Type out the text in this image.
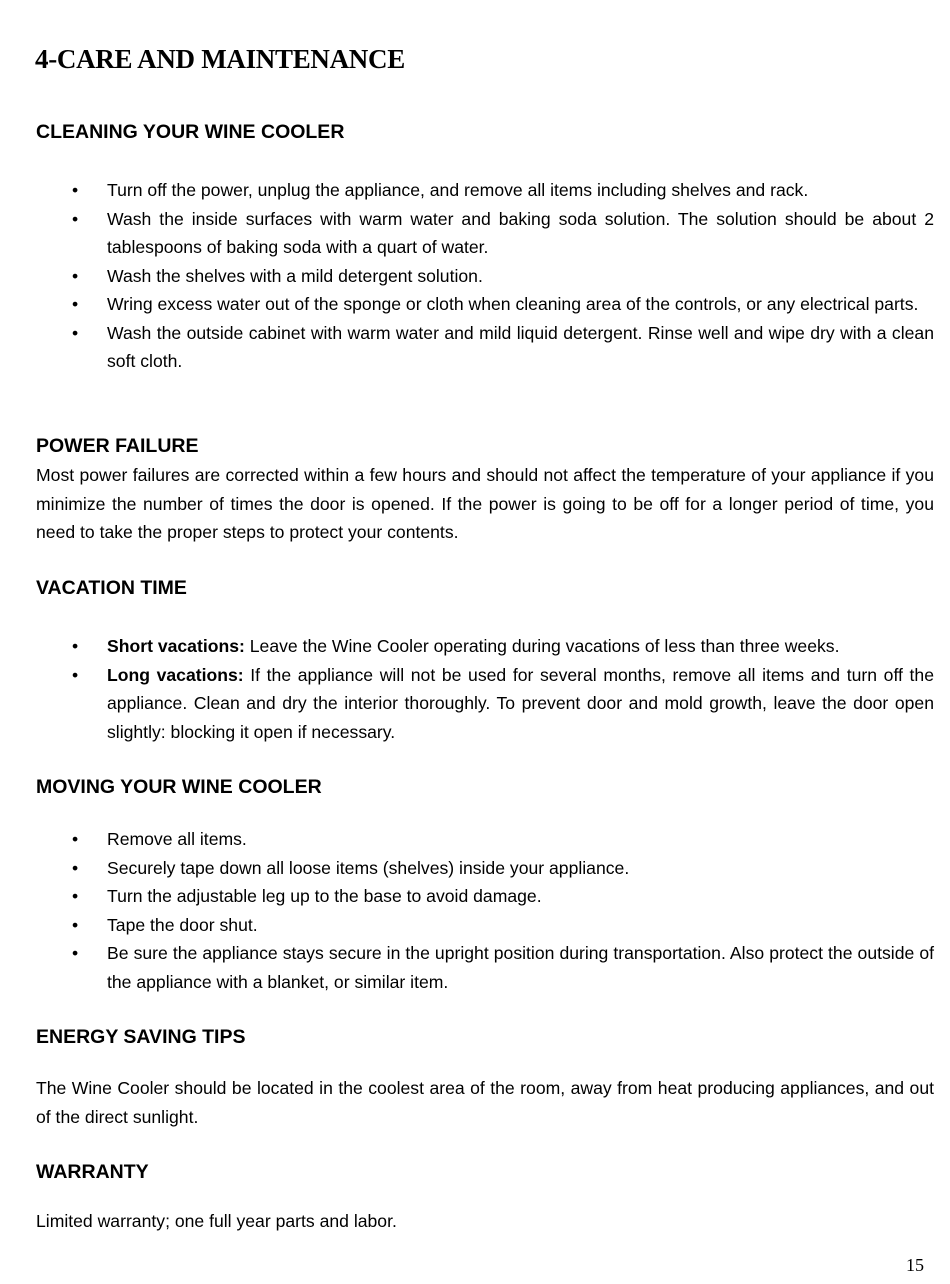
4-CARE AND MAINTENANCE
CLEANING YOUR WINE COOLER
• Turn off the power, unplug the appliance, and remove all items including shelves and rack.
• Wash the inside surfaces with warm water and baking soda solution. The solution should be about 2 tablespoons of baking soda with a quart of water.
• Wash the shelves with a mild detergent solution.
• Wring excess water out of the sponge or cloth when cleaning area of the controls, or any electrical parts.
• Wash the outside cabinet with warm water and mild liquid detergent. Rinse well and wipe dry with a clean soft cloth.
POWER FAILURE

Most power failures are corrected within a few hours and should not affect the temperature of your appliance if you minimize the number of times the door is opened. If the power is going to be off for a longer period of time, you need to take the proper steps to protect your contents.

VACATION TIME
• Short vacations: Leave the Wine Cooler operating during vacations of less than three weeks.
• Long vacations: If the appliance will not be used for several months, remove all items and turn off the appliance. Clean and dry the interior thoroughly. To prevent door and mold growth, leave the door open slightly: blocking it open if necessary.
MOVING YOUR WINE COOLER
• Remove all items.
• Securely tape down all loose items (shelves) inside your appliance.
• Turn the adjustable leg up to the base to avoid damage.
• Tape the door shut.
• Be sure the appliance stays secure in the upright position during transportation. Also protect the outside of the appliance with a blanket, or similar item.
ENERGY SAVING TIPS

The Wine Cooler should be located in the coolest area of the room, away from heat producing appliances, and out of the direct sunlight.

WARRANTY

Limited warranty; one full year parts and labor.

15
